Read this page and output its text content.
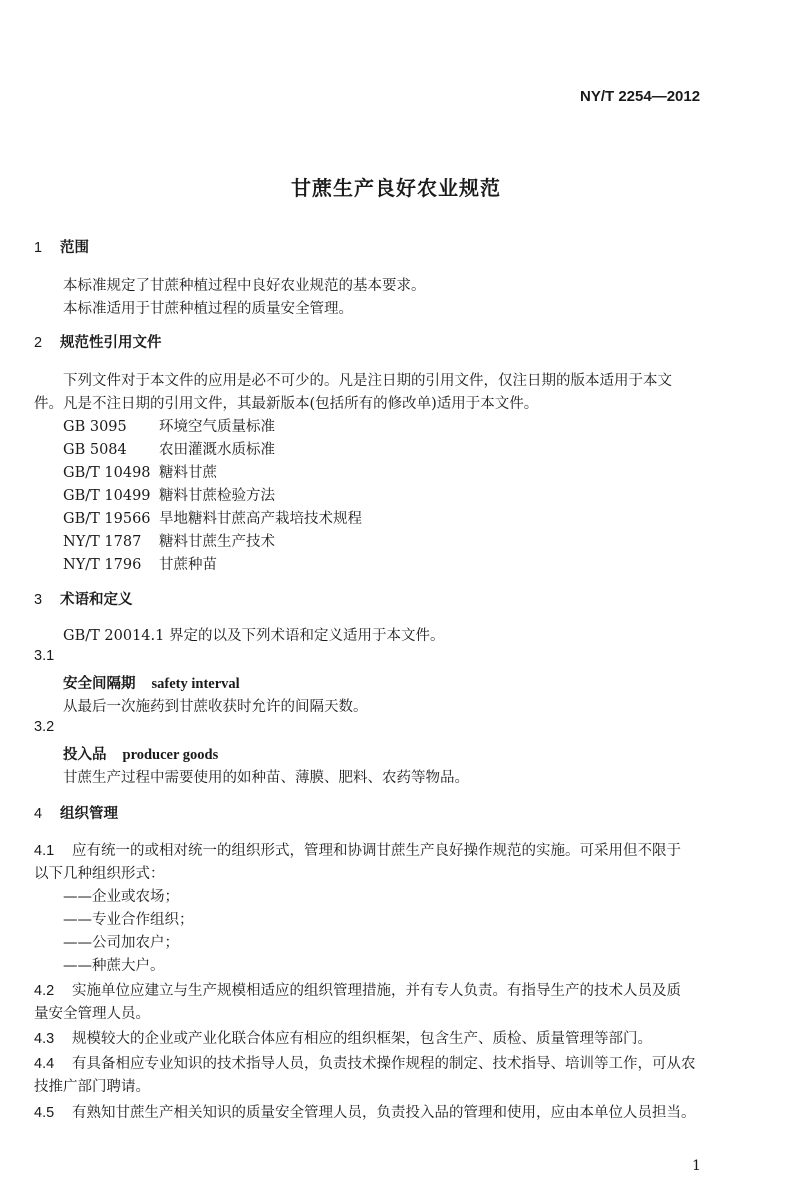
NY/T 2254—2012
甘蔗生产良好农业规范
1 范围
本标准规定了甘蔗种植过程中良好农业规范的基本要求。
本标准适用于甘蔗种植过程的质量安全管理。
2 规范性引用文件
下列文件对于本文件的应用是必不可少的。凡是注日期的引用文件，仅注日期的版本适用于本文
件。凡是不注日期的引用文件，其最新版本(包括所有的修改单)适用于本文件。
GB 3095 环境空气质量标准
GB 5084 农田灌溉水质标准
GB/T 10498 糖料甘蔗
GB/T 10499 糖料甘蔗检验方法
GB/T 19566 旱地糖料甘蔗高产栽培技术规程
NY/T 1787 糖料甘蔗生产技术
NY/T 1796 甘蔗种苗
3 术语和定义
GB/T 20014.1 界定的以及下列术语和定义适用于本文件。
3.1
安全间隔期 safety interval
从最后一次施药到甘蔗收获时允许的间隔天数。
3.2
投入品 producer goods
甘蔗生产过程中需要使用的如种苗、薄膜、肥料、农药等物品。
4 组织管理
4.1 应有统一的或相对统一的组织形式，管理和协调甘蔗生产良好操作规范的实施。可采用但不限于
以下几种组织形式：
——企业或农场；
——专业合作组织；
——公司加农户；
——种蔗大户。
4.2 实施单位应建立与生产规模相适应的组织管理措施，并有专人负责。有指导生产的技术人员及质
量安全管理人员。
4.3 规模较大的企业或产业化联合体应有相应的组织框架，包含生产、质检、质量管理等部门。
4.4 有具备相应专业知识的技术指导人员，负责技术操作规程的制定、技术指导、培训等工作，可从农
技推广部门聘请。
4.5 有熟知甘蔗生产相关知识的质量安全管理人员，负责投入品的管理和使用，应由本单位人员担当。
1
